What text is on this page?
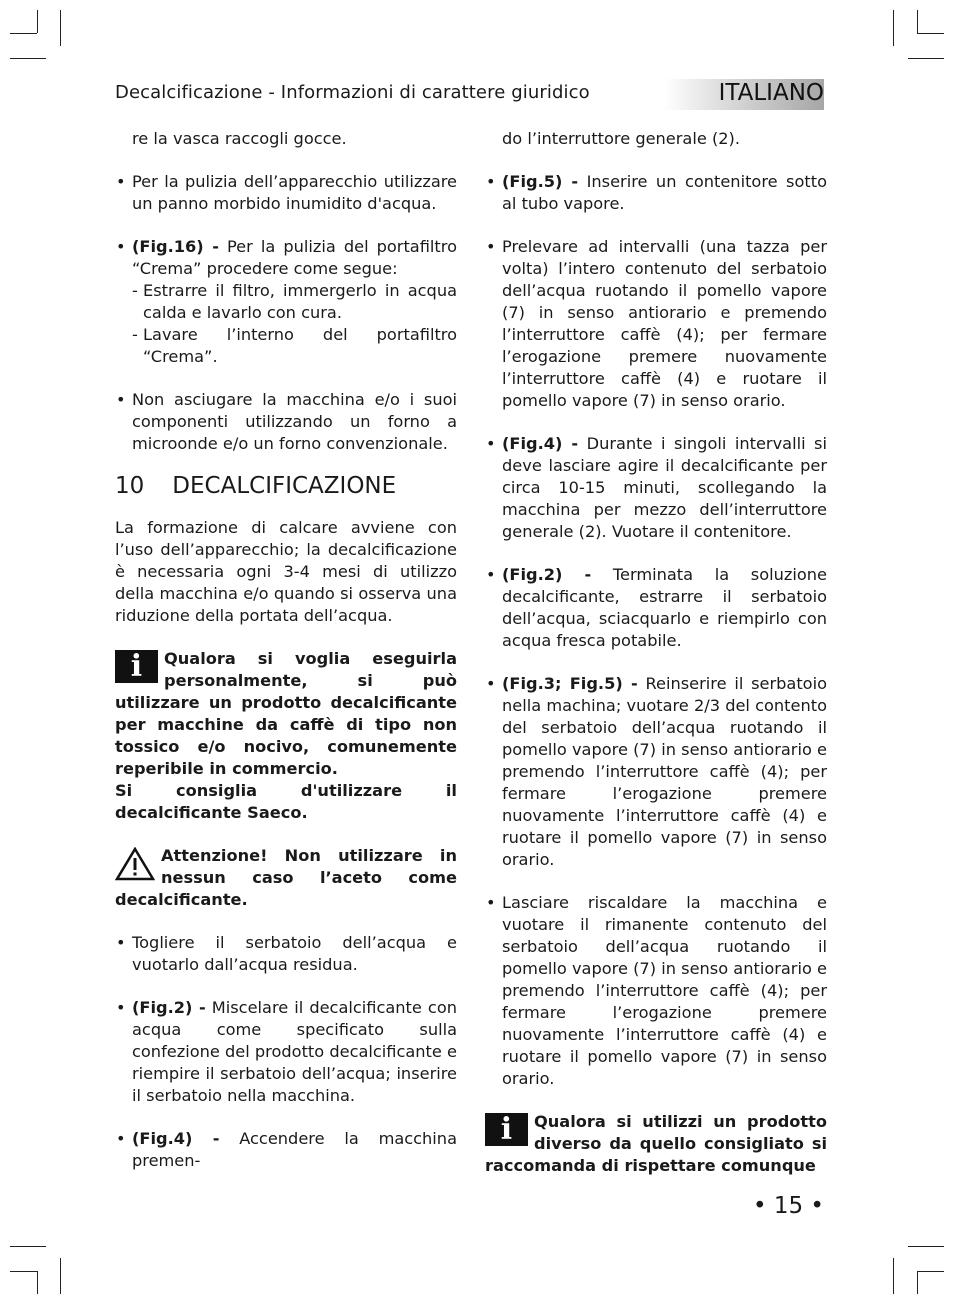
Decalcificazione - Informazioni di carattere giuridico	ITALIANO

re la vasca raccogli gocce.

• Per la pulizia dell’apparecchio utilizzare un panno morbido inumidito d'acqua.
• (Fig.16) - Per la pulizia del portafiltro “Crema” procedere come segue:
- Estrarre il filtro, immergerlo in acqua calda e lavarlo con cura.
- Lavare l’interno del portafiltro “Crema”.
• Non asciugare la macchina e/o i suoi componenti utilizzando un forno a microonde e/o un forno convenzionale.
10 DECALCIFICAZIONE

La formazione di calcare avviene con l’uso dell’apparecchio; la decalcificazione è necessaria ogni 3-4 mesi di utilizzo della macchina e/o quando si osserva una riduzione della portata dell’acqua.

i	Qualora si voglia eseguirla personalmente, si può utilizzare un prodotto decalcificante per macchine da caffè di tipo non tossico e/o nocivo, comunemente reperibile in commercio.
Si consiglia d'utilizzare il decalcificante Saeco.
Attenzione! Non utilizzare in nessun caso l’aceto come decalcificante.
• Togliere il serbatoio dell’acqua e vuotarlo dall’acqua residua.
• (Fig.2) - Miscelare il decalcificante con acqua come specificato sulla confezione del prodotto decalcificante e riempire il serbatoio dell’acqua; inserire il serbatoio nella macchina.
• (Fig.4) - Accendere la macchina premen-

do l’interruttore generale (2).

• (Fig.5) - Inserire un contenitore sotto al tubo vapore.
• Prelevare ad intervalli (una tazza per volta) l’intero contenuto del serbatoio dell’acqua ruotando il pomello vapore (7) in senso antiorario e premendo l’interruttore caffè (4); per fermare l’erogazione premere nuovamente l’interruttore caffè (4) e ruotare il pomello vapore (7) in senso orario.
• (Fig.4) - Durante i singoli intervalli si deve lasciare agire il decalcificante per circa 10-15 minuti, scollegando la macchina per mezzo dell’interruttore generale (2). Vuotare il contenitore.
• (Fig.2) - Terminata la soluzione decalcificante, estrarre il serbatoio dell’acqua, sciacquarlo e riempirlo con acqua fresca potabile.
• (Fig.3; Fig.5) - Reinserire il serbatoio nella machina; vuotare 2/3 del contento del serbatoio dell’acqua ruotando il pomello vapore (7) in senso antiorario e premendo l’interruttore caffè (4); per fermare l’erogazione premere nuovamente l’interruttore caffè (4) e ruotare il pomello vapore (7) in senso orario.
• Lasciare riscaldare la macchina e vuotare il rimanente contenuto del serbatoio dell’acqua ruotando il pomello vapore (7) in senso antiorario e premendo l’interruttore caffè (4); per fermare l’erogazione premere nuovamente l’interruttore caffè (4) e ruotare il pomello vapore (7) in senso orario.
i	Qualora si utilizzi un prodotto diverso da quello consigliato si raccomanda di rispettare comunque
• 15 •
